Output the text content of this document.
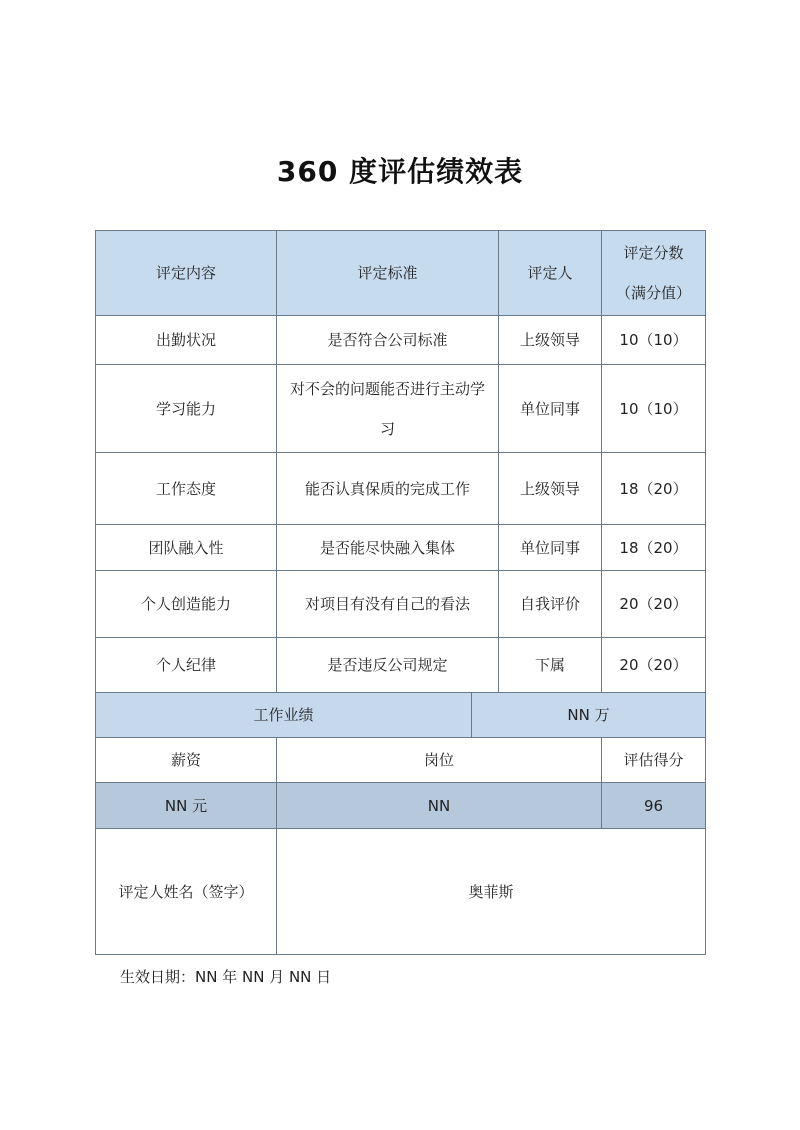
360 度评估绩效表
评定内容	评定标准		评定人	评定分数
（满分值）

出勤状况	是否符合公司标准		上级领导	10（10）
学习能力	对不会的问题能否进行主动学习		单位同事	10（10）
工作态度	能否认真保质的完成工作		上级领导	18（20）
团队融入性	是否能尽快融入集体		单位同事	18（20）
个人创造能力	对项目有没有自己的看法		自我评价	20（20）
个人纪律	是否违反公司规定		下属	20（20）
工作业绩		NN 万		
薪资	岗位			评估得分
NN 元	NN			96
评定人姓名（签字）	奥菲斯			
生效日期：NN 年 NN 月 NN 日
